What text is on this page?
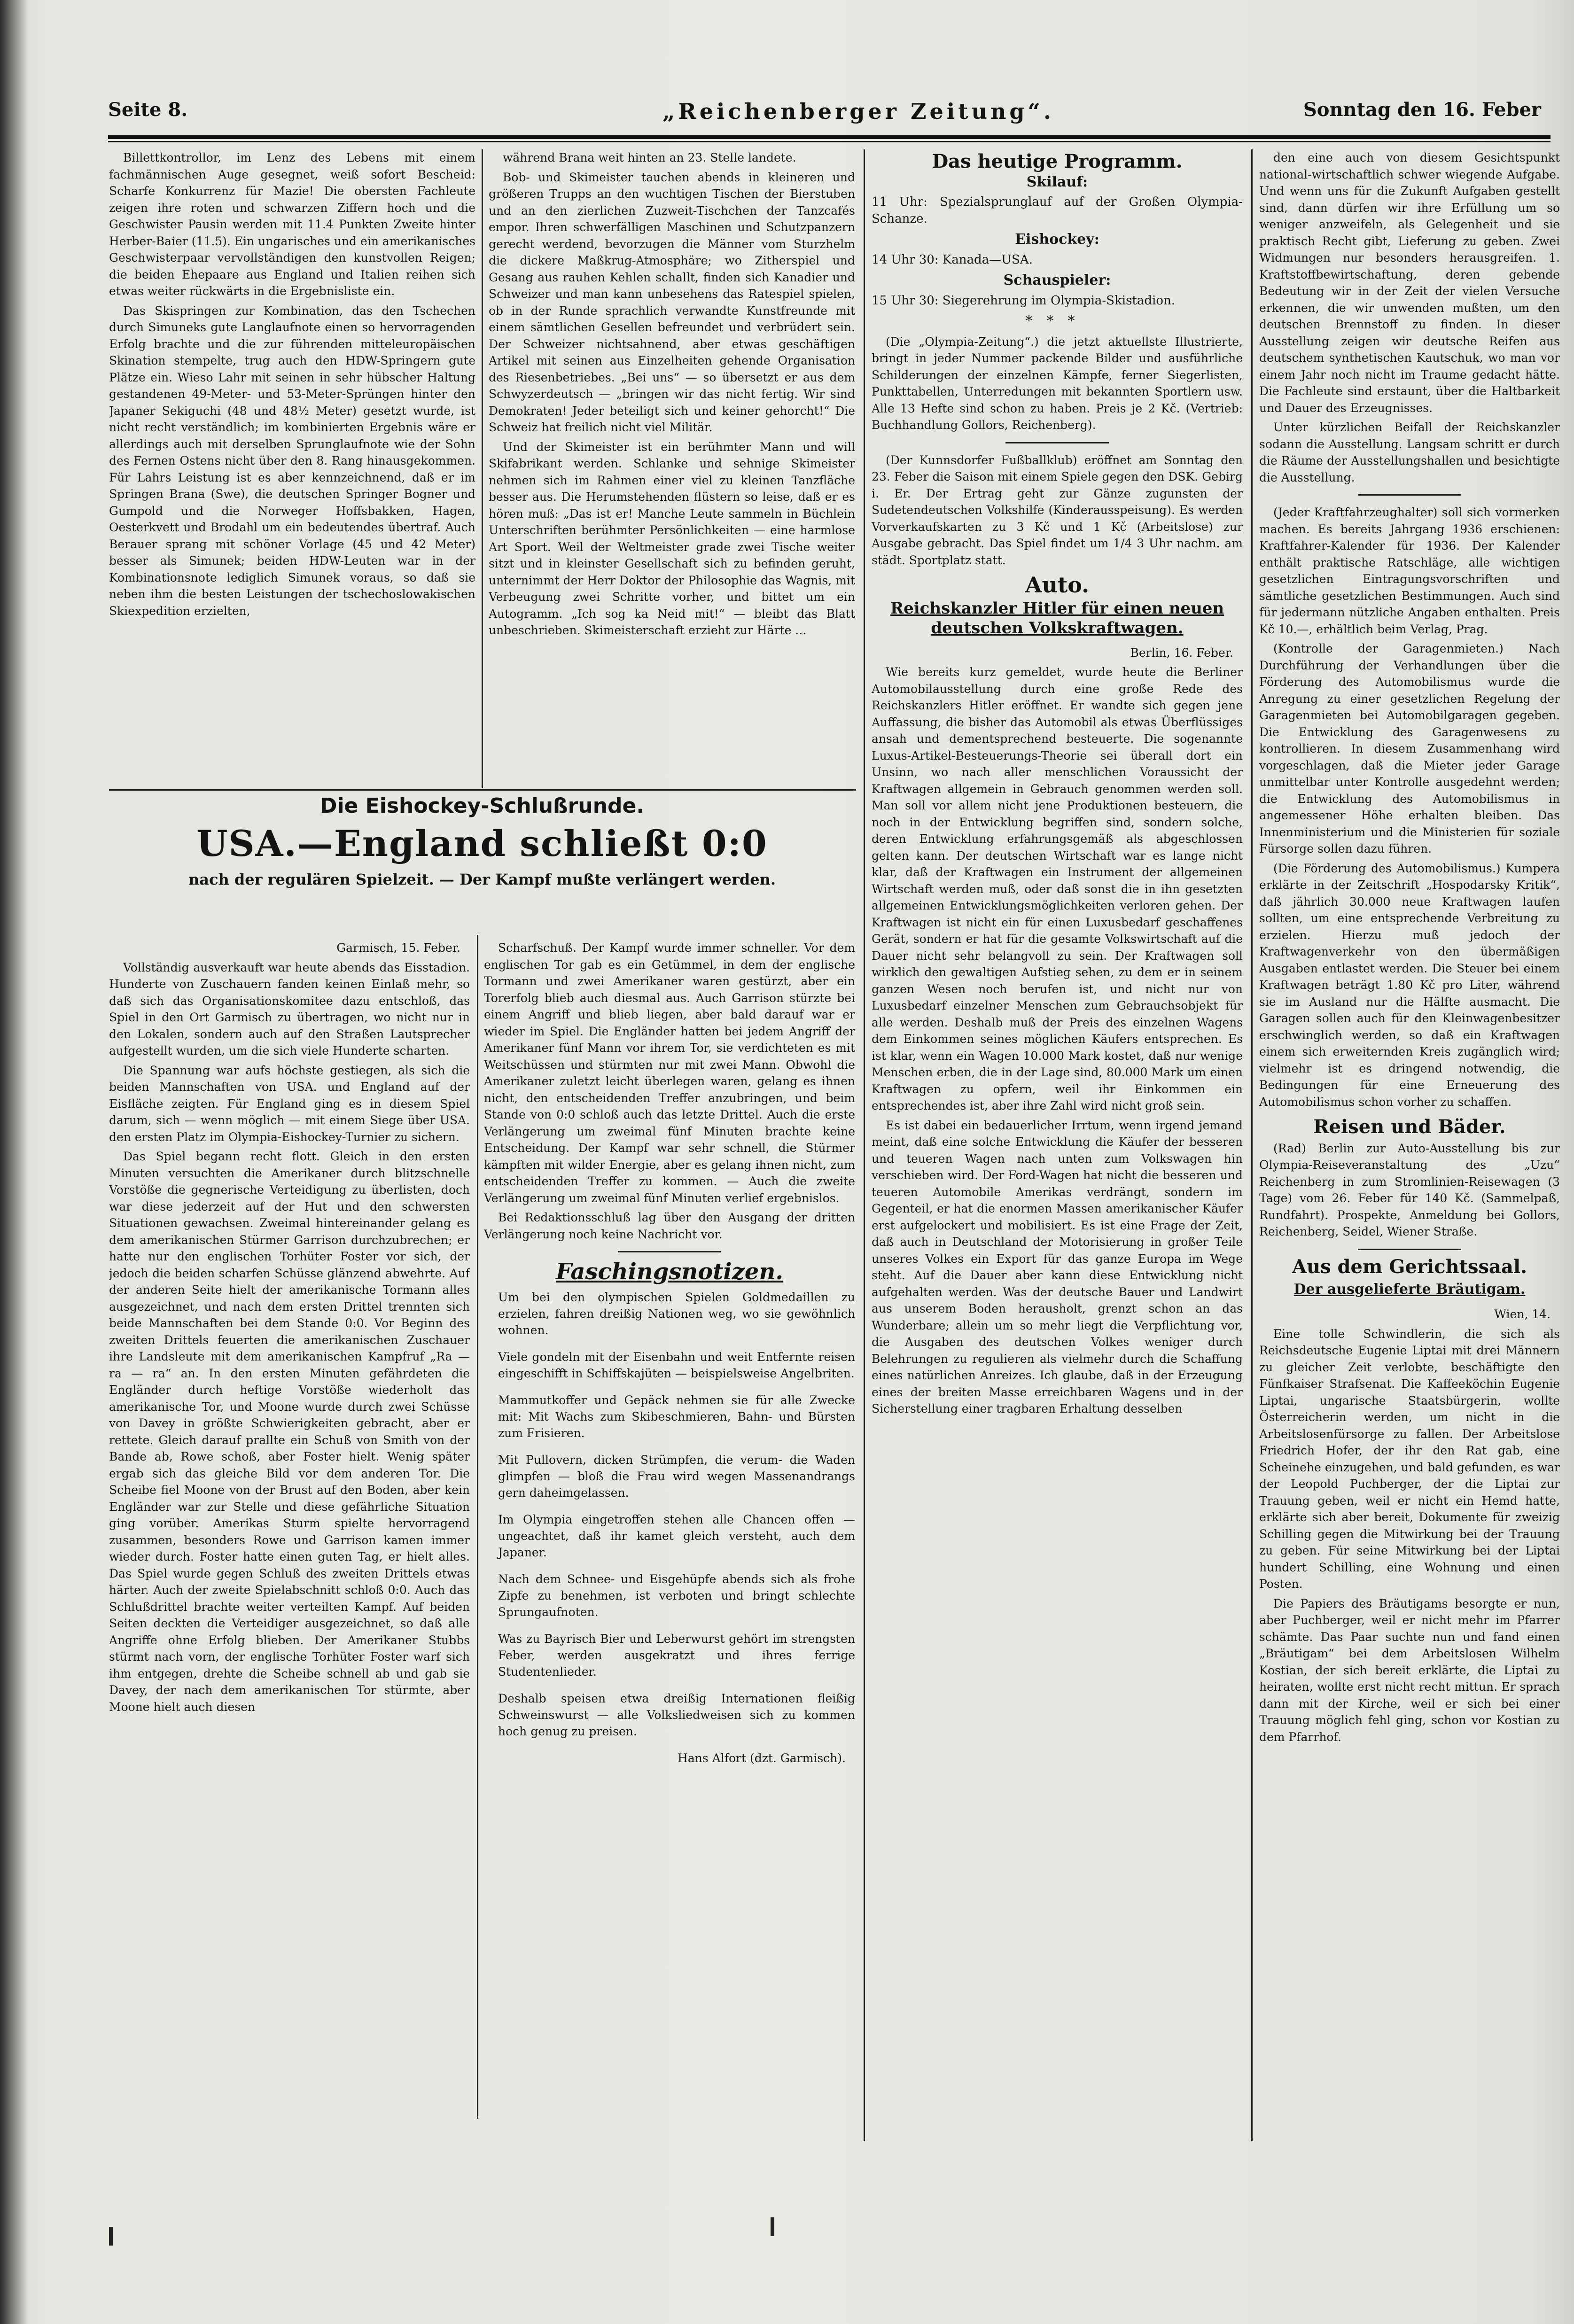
Seite 8.	„Reichenberger Zeitung“.	Sonntag den 16. Feber

Billettkontrollor, im Lenz des Lebens mit einem fachmännischen Auge gesegnet, weiß sofort Bescheid: Scharfe Konkurrenz für Mazie! Die obersten Fachleute zeigen ihre roten und schwarzen Ziffern hoch und die Geschwister Pausin werden mit 11.4 Punkten Zweite hinter Herber-Baier (11.5). Ein ungarisches und ein amerikanisches Geschwisterpaar vervollständigen den kunstvollen Reigen; die beiden Ehepaare aus England und Italien reihen sich etwas weiter rückwärts in die Ergebnisliste ein.

Das Skispringen zur Kombination, das den Tschechen durch Simuneks gute Langlaufnote einen so hervorragenden Erfolg brachte und die zur führenden mitteleuropäischen Skination stempelte, trug auch den HDW-Springern gute Plätze ein. Wieso Lahr mit seinen in sehr hübscher Haltung gestandenen 49-Meter- und 53-Meter-Sprüngen hinter den Japaner Sekiguchi (48 und 48½ Meter) gesetzt wurde, ist nicht recht verständlich; im kombinierten Ergebnis wäre er allerdings auch mit derselben Sprunglaufnote wie der Sohn des Fernen Ostens nicht über den 8. Rang hinausgekommen. Für Lahrs Leistung ist es aber kennzeichnend, daß er im Springen Brana (Swe), die deutschen Springer Bogner und Gumpold und die Norweger Hoffsbakken, Hagen, Oesterkvett und Brodahl um ein bedeutendes übertraf. Auch Berauer sprang mit schöner Vorlage (45 und 42 Meter) besser als Simunek; beiden HDW-Leuten war in der Kombinationsnote lediglich Simunek voraus, so daß sie neben ihm die besten Leistungen der tschechoslowakischen Skiexpedition erzielten,

während Brana weit hinten an 23. Stelle landete.

Bob- und Skimeister tauchen abends in kleineren und größeren Trupps an den wuchtigen Tischen der Bierstuben und an den zierlichen Zuzweit-Tischchen der Tanzcafés empor. Ihren schwerfälligen Maschinen und Schutzpanzern gerecht werdend, bevorzugen die Männer vom Sturzhelm die dickere Maßkrug-Atmosphäre; wo Zitherspiel und Gesang aus rauhen Kehlen schallt, finden sich Kanadier und Schweizer und man kann unbesehens das Ratespiel spielen, ob in der Runde sprachlich verwandte Kunstfreunde mit einem sämtlichen Gesellen befreundet und verbrüdert sein. Der Schweizer nichtsahnend, aber etwas geschäftigen Artikel mit seinen aus Einzelheiten gehende Organisation des Riesenbetriebes. „Bei uns“ — so übersetzt er aus dem Schwyzerdeutsch — „bringen wir das nicht fertig. Wir sind Demokraten! Jeder beteiligt sich und keiner gehorcht!“ Die Schweiz hat freilich nicht viel Militär.

Und der Skimeister ist ein berühmter Mann und will Skifabrikant werden. Schlanke und sehnige Skimeister nehmen sich im Rahmen einer viel zu kleinen Tanzfläche besser aus. Die Herumstehenden flüstern so leise, daß er es hören muß: „Das ist er! Manche Leute sammeln in Büchlein Unterschriften berühmter Persönlichkeiten — eine harmlose Art Sport. Weil der Weltmeister grade zwei Tische weiter sitzt und in kleinster Gesellschaft sich zu befinden geruht, unternimmt der Herr Doktor der Philosophie das Wagnis, mit Verbeugung zwei Schritte vorher, und bittet um ein Autogramm. „Ich sog ka Neid mit!“ — bleibt das Blatt unbeschrieben. Skimeisterschaft erzieht zur Härte ...

Die Eishockey-Schlußrunde.
USA.—England schließt 0:0
nach der regulären Spielzeit. — Der Kampf mußte verlängert werden.
Garmisch, 15. Feber.

Vollständig ausverkauft war heute abends das Eisstadion. Hunderte von Zuschauern fanden keinen Einlaß mehr, so daß sich das Organisationskomitee dazu entschloß, das Spiel in den Ort Garmisch zu übertragen, wo nicht nur in den Lokalen, sondern auch auf den Straßen Lautsprecher aufgestellt wurden, um die sich viele Hunderte scharten.

Die Spannung war aufs höchste gestiegen, als sich die beiden Mannschaften von USA. und England auf der Eisfläche zeigten. Für England ging es in diesem Spiel darum, sich — wenn möglich — mit einem Siege über USA. den ersten Platz im Olympia-Eishockey-Turnier zu sichern.

Das Spiel begann recht flott. Gleich in den ersten Minuten versuchten die Amerikaner durch blitzschnelle Vorstöße die gegnerische Verteidigung zu überlisten, doch war diese jederzeit auf der Hut und den schwersten Situationen gewachsen. Zweimal hintereinander gelang es dem amerikanischen Stürmer Garrison durchzubrechen; er hatte nur den englischen Torhüter Foster vor sich, der jedoch die beiden scharfen Schüsse glänzend abwehrte. Auf der anderen Seite hielt der amerikanische Tormann alles ausgezeichnet, und nach dem ersten Drittel trennten sich beide Mannschaften bei dem Stande 0:0. Vor Beginn des zweiten Drittels feuerten die amerikanischen Zuschauer ihre Landsleute mit dem amerikanischen Kampfruf „Ra — ra — ra“ an. In den ersten Minuten gefährdeten die Engländer durch heftige Vorstöße wiederholt das amerikanische Tor, und Moone wurde durch zwei Schüsse von Davey in größte Schwierigkeiten gebracht, aber er rettete. Gleich darauf prallte ein Schuß von Smith von der Bande ab, Rowe schoß, aber Foster hielt. Wenig später ergab sich das gleiche Bild vor dem anderen Tor. Die Scheibe fiel Moone von der Brust auf den Boden, aber kein Engländer war zur Stelle und diese gefährliche Situation ging vorüber. Amerikas Sturm spielte hervorragend zusammen, besonders Rowe und Garrison kamen immer wieder durch. Foster hatte einen guten Tag, er hielt alles. Das Spiel wurde gegen Schluß des zweiten Drittels etwas härter. Auch der zweite Spielabschnitt schloß 0:0. Auch das Schlußdrittel brachte weiter verteilten Kampf. Auf beiden Seiten deckten die Verteidiger ausgezeichnet, so daß alle Angriffe ohne Erfolg blieben. Der Amerikaner Stubbs stürmt nach vorn, der englische Torhüter Foster warf sich ihm entgegen, drehte die Scheibe schnell ab und gab sie Davey, der nach dem amerikanischen Tor stürmte, aber Moone hielt auch diesen

Scharfschuß. Der Kampf wurde immer schneller. Vor dem englischen Tor gab es ein Getümmel, in dem der englische Tormann und zwei Amerikaner waren gestürzt, aber ein Torerfolg blieb auch diesmal aus. Auch Garrison stürzte bei einem Angriff und blieb liegen, aber bald darauf war er wieder im Spiel. Die Engländer hatten bei jedem Angriff der Amerikaner fünf Mann vor ihrem Tor, sie verdichteten es mit Weitschüssen und stürmten nur mit zwei Mann. Obwohl die Amerikaner zuletzt leicht überlegen waren, gelang es ihnen nicht, den entscheidenden Treffer anzubringen, und beim Stande von 0:0 schloß auch das letzte Drittel. Auch die erste Verlängerung um zweimal fünf Minuten brachte keine Entscheidung. Der Kampf war sehr schnell, die Stürmer kämpften mit wilder Energie, aber es gelang ihnen nicht, zum entscheidenden Treffer zu kommen. — Auch die zweite Verlängerung um zweimal fünf Minuten verlief ergebnislos.

Bei Redaktionsschluß lag über den Ausgang der dritten Verlängerung noch keine Nachricht vor.

Faschingsnotizen.
Um bei den olympischen Spielen Goldmedaillen zu erzielen, fahren dreißig Nationen weg, wo sie gewöhnlich wohnen.
Viele gondeln mit der Eisenbahn und weit Entfernte reisen eingeschifft in Schiffskajüten — beispielsweise Angelbriten.
Mammutkoffer und Gepäck nehmen sie für alle Zwecke mit: Mit Wachs zum Skibeschmieren, Bahn- und Bürsten zum Frisieren.
Mit Pullovern, dicken Strümpfen, die verum- die Waden glimpfen — bloß die Frau wird wegen Massenandrangs gern daheimgelassen.
Im Olympia eingetroffen stehen alle Chancen offen — ungeachtet, daß ihr kamet gleich versteht, auch dem Japaner.
Nach dem Schnee- und Eisgehüpfe abends sich als frohe Zipfe zu benehmen, ist verboten und bringt schlechte Sprungaufnoten.
Was zu Bayrisch Bier und Leberwurst gehört im strengsten Feber, werden ausgekratzt und ihres ferrige Studentenlieder.
Deshalb speisen etwa dreißig Internationen fleißig Schweinswurst — alle Volksliedweisen sich zu kommen hoch genug zu preisen.
Hans Alfort (dzt. Garmisch).
Das heutige Programm.
Skilauf:
11 Uhr: Spezialsprunglauf auf der Großen Olympia-Schanze.
Eishockey:
14 Uhr 30: Kanada—USA.
Schauspieler:
15 Uhr 30: Siegerehrung im Olympia-Skistadion.
***

(Die „Olympia-Zeitung“.) die jetzt aktuellste Illustrierte, bringt in jeder Nummer packende Bilder und ausführliche Schilderungen der einzelnen Kämpfe, ferner Siegerlisten, Punkttabellen, Unterredungen mit bekannten Sportlern usw. Alle 13 Hefte sind schon zu haben. Preis je 2 Kč. (Vertrieb: Buchhandlung Gollors, Reichenberg).

(Der Kunnsdorfer Fußballklub) eröffnet am Sonntag den 23. Feber die Saison mit einem Spiele gegen den DSK. Gebirg i. Er. Der Ertrag geht zur Gänze zugunsten der Sudetendeutschen Volkshilfe (Kinderausspeisung). Es werden Vorverkaufskarten zu 3 Kč und 1 Kč (Arbeitslose) zur Ausgabe gebracht. Das Spiel findet um 1/4 3 Uhr nachm. am städt. Sportplatz statt.

Auto.
Reichskanzler Hitler für einen neuen deutschen Volkskraftwagen.
Berlin, 16. Feber.

Wie bereits kurz gemeldet, wurde heute die Berliner Automobilausstellung durch eine große Rede des Reichskanzlers Hitler eröffnet. Er wandte sich gegen jene Auffassung, die bisher das Automobil als etwas Überflüssiges ansah und dementsprechend besteuerte. Die sogenannte Luxus-Artikel-Besteuerungs-Theorie sei überall dort ein Unsinn, wo nach aller menschlichen Voraussicht der Kraftwagen allgemein in Gebrauch genommen werden soll. Man soll vor allem nicht jene Produktionen besteuern, die noch in der Entwicklung begriffen sind, sondern solche, deren Entwicklung erfahrungsgemäß als abgeschlossen gelten kann. Der deutschen Wirtschaft war es lange nicht klar, daß der Kraftwagen ein Instrument der allgemeinen Wirtschaft werden muß, oder daß sonst die in ihn gesetzten allgemeinen Entwicklungsmöglichkeiten verloren gehen. Der Kraftwagen ist nicht ein für einen Luxusbedarf geschaffenes Gerät, sondern er hat für die gesamte Volkswirtschaft auf die Dauer nicht sehr belangvoll zu sein. Der Kraftwagen soll wirklich den gewaltigen Aufstieg sehen, zu dem er in seinem ganzen Wesen noch berufen ist, und nicht nur von Luxusbedarf einzelner Menschen zum Gebrauchsobjekt für alle werden. Deshalb muß der Preis des einzelnen Wagens dem Einkommen seines möglichen Käufers entsprechen. Es ist klar, wenn ein Wagen 10.000 Mark kostet, daß nur wenige Menschen erben, die in der Lage sind, 80.000 Mark um einen Kraftwagen zu opfern, weil ihr Einkommen ein entsprechendes ist, aber ihre Zahl wird nicht groß sein.

Es ist dabei ein bedauerlicher Irrtum, wenn irgend jemand meint, daß eine solche Entwicklung die Käufer der besseren und teueren Wagen nach unten zum Volkswagen hin verschieben wird. Der Ford-Wagen hat nicht die besseren und teueren Automobile Amerikas verdrängt, sondern im Gegenteil, er hat die enormen Massen amerikanischer Käufer erst aufgelockert und mobilisiert. Es ist eine Frage der Zeit, daß auch in Deutschland der Motorisierung in großer Teile unseres Volkes ein Export für das ganze Europa im Wege steht. Auf die Dauer aber kann diese Entwicklung nicht aufgehalten werden. Was der deutsche Bauer und Landwirt aus unserem Boden herausholt, grenzt schon an das Wunderbare; allein um so mehr liegt die Verpflichtung vor, die Ausgaben des deutschen Volkes weniger durch Belehrungen zu regulieren als vielmehr durch die Schaffung eines natürlichen Anreizes. Ich glaube, daß in der Erzeugung eines der breiten Masse erreichbaren Wagens und in der Sicherstellung einer tragbaren Erhaltung desselben

den eine auch von diesem Gesichtspunkt national-wirtschaftlich schwer wiegende Aufgabe. Und wenn uns für die Zukunft Aufgaben gestellt sind, dann dürfen wir ihre Erfüllung um so weniger anzweifeln, als Gelegenheit und sie praktisch Recht gibt, Lieferung zu geben. Zwei Widmungen nur besonders herausgreifen. 1. Kraftstoffbewirtschaftung, deren gebende Bedeutung wir in der Zeit der vielen Versuche erkennen, die wir unwenden mußten, um den deutschen Brennstoff zu finden. In dieser Ausstellung zeigen wir deutsche Reifen aus deutschem synthetischen Kautschuk, wo man vor einem Jahr noch nicht im Traume gedacht hätte. Die Fachleute sind erstaunt, über die Haltbarkeit und Dauer des Erzeugnisses.

Unter kürzlichen Beifall der Reichskanzler sodann die Ausstellung. Langsam schritt er durch die Räume der Ausstellungshallen und besichtigte die Ausstellung.

(Jeder Kraftfahrzeughalter) soll sich vormerken machen. Es bereits Jahrgang 1936 erschienen: Kraftfahrer-Kalender für 1936. Der Kalender enthält praktische Ratschläge, alle wichtigen gesetzlichen Eintragungsvorschriften und sämtliche gesetzlichen Bestimmungen. Auch sind für jedermann nützliche Angaben enthalten. Preis Kč 10.—, erhältlich beim Verlag, Prag.

(Kontrolle der Garagenmieten.) Nach Durchführung der Verhandlungen über die Förderung des Automobilismus wurde die Anregung zu einer gesetzlichen Regelung der Garagenmieten bei Automobilgaragen gegeben. Die Entwicklung des Garagenwesens zu kontrollieren. In diesem Zusammenhang wird vorgeschlagen, daß die Mieter jeder Garage unmittelbar unter Kontrolle ausgedehnt werden; die Entwicklung des Automobilismus in angemessener Höhe erhalten bleiben. Das Innenministerium und die Ministerien für soziale Fürsorge sollen dazu führen.

(Die Förderung des Automobilismus.) Kumpera erklärte in der Zeitschrift „Hospodarsky Kritik“, daß jährlich 30.000 neue Kraftwagen laufen sollten, um eine entsprechende Verbreitung zu erzielen. Hierzu muß jedoch der Kraftwagenverkehr von den übermäßigen Ausgaben entlastet werden. Die Steuer bei einem Kraftwagen beträgt 1.80 Kč pro Liter, während sie im Ausland nur die Hälfte ausmacht. Die Garagen sollen auch für den Kleinwagenbesitzer erschwinglich werden, so daß ein Kraftwagen einem sich erweiternden Kreis zugänglich wird; vielmehr ist es dringend notwendig, die Bedingungen für eine Erneuerung des Automobilismus schon vorher zu schaffen.

Reisen und Bäder.

(Rad) Berlin zur Auto-Ausstellung bis zur Olympia-Reiseveranstaltung des „Uzu“ Reichenberg in zum Stromlinien-Reisewagen (3 Tage) vom 26. Feber für 140 Kč. (Sammelpaß, Rundfahrt). Prospekte, Anmeldung bei Gollors, Reichenberg, Seidel, Wiener Straße.

Aus dem Gerichtssaal.
Der ausgelieferte Bräutigam.
Wien, 14.

Eine tolle Schwindlerin, die sich als Reichsdeutsche Eugenie Liptai mit drei Männern zu gleicher Zeit verlobte, beschäftigte den Fünfkaiser Strafsenat. Die Kaffeeköchin Eugenie Liptai, ungarische Staatsbürgerin, wollte Österreicherin werden, um nicht in die Arbeitslosenfürsorge zu fallen. Der Arbeitslose Friedrich Hofer, der ihr den Rat gab, eine Scheinehe einzugehen, und bald gefunden, es war der Leopold Puchberger, der die Liptai zur Trauung geben, weil er nicht ein Hemd hatte, erklärte sich aber bereit, Dokumente für zweizig Schilling gegen die Mitwirkung bei der Trauung zu geben. Für seine Mitwirkung bei der Liptai hundert Schilling, eine Wohnung und einen Posten.

Die Papiers des Bräutigams besorgte er nun, aber Puchberger, weil er nicht mehr im Pfarrer schämte. Das Paar suchte nun und fand einen „Bräutigam“ bei dem Arbeitslosen Wilhelm Kostian, der sich bereit erklärte, die Liptai zu heiraten, wollte erst nicht recht mittun. Er sprach dann mit der Kirche, weil er sich bei einer Trauung möglich fehl ging, schon vor Kostian zu dem Pfarrhof.
